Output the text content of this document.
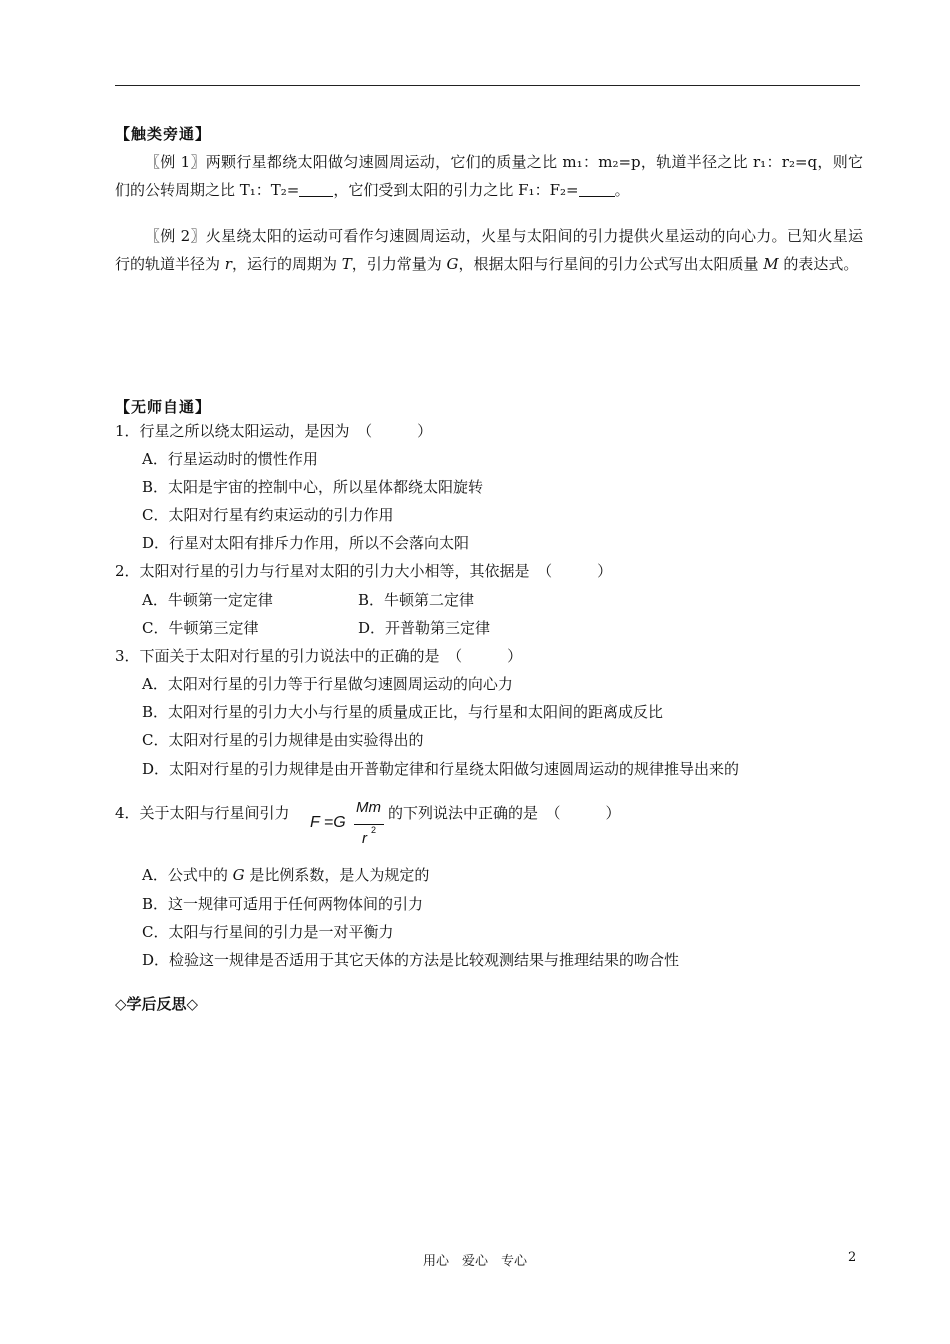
【触类旁通】
〖例 1〗两颗行星都绕太阳做匀速圆周运动，它们的质量之比 m₁：m₂=p，轨道半径之比 r₁：r₂=q，则它们的公转周期之比 T₁：T₂= ，它们受到太阳的引力之比 F₁：F₂= 。
〖例 2〗火星绕太阳的运动可看作匀速圆周运动，火星与太阳间的引力提供火星运动的向心力。已知火星运行的轨道半径为 r，运行的周期为 T，引力常量为 G，根据太阳与行星间的引力公式写出太阳质量 M 的表达式。
【无师自通】
1．行星之所以绕太阳运动，是因为　 （　　　）
A．行星运动时的惯性作用
B．太阳是宇宙的控制中心，所以星体都绕太阳旋转
C．太阳对行星有约束运动的引力作用
D．行星对太阳有排斥力作用，所以不会落向太阳
2．太阳对行星的引力与行星对太阳的引力大小相等，其依据是　 （　　　）
A．牛顿第一定定律	B．牛顿第二定律
C．牛顿第三定律	D．开普勒第三定律
3．下面关于太阳对行星的引力说法中的正确的是　 （　　　）
A．太阳对行星的引力等于行星做匀速圆周运动的向心力
B．太阳对行星的引力大小与行星的质量成正比，与行星和太阳间的距离成反比
C．太阳对行星的引力规律是由实验得出的
D．太阳对行星的引力规律是由开普勒定律和行星绕太阳做匀速圆周运动的规律推导出来的
4．关于太阳与行星间引力
F =G
Mm
r 2
的下列说法中正确的是　 （　　　）
A．公式中的 G 是比例系数，是人为规定的
B．这一规律可适用于任何两物体间的引力
C．太阳与行星间的引力是一对平衡力
D．检验这一规律是否适用于其它天体的方法是比较观测结果与推理结果的吻合性
◇学后反思◇
用心　爱心　专心	2
